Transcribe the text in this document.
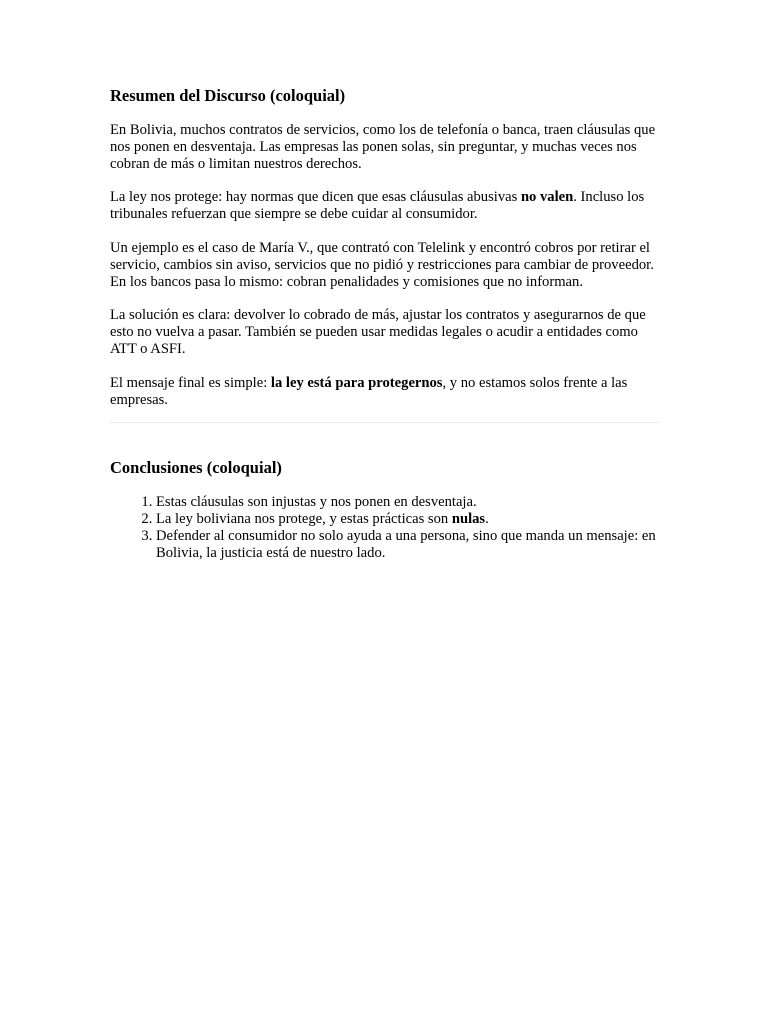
Resumen del Discurso (coloquial)

En Bolivia, muchos contratos de servicios, como los de telefonía o banca, traen cláusulas que nos ponen en desventaja. Las empresas las ponen solas, sin preguntar, y muchas veces nos cobran de más o limitan nuestros derechos.

La ley nos protege: hay normas que dicen que esas cláusulas abusivas no valen. Incluso los tribunales refuerzan que siempre se debe cuidar al consumidor.

Un ejemplo es el caso de María V., que contrató con Telelink y encontró cobros por retirar el servicio, cambios sin aviso, servicios que no pidió y restricciones para cambiar de proveedor. En los bancos pasa lo mismo: cobran penalidades y comisiones que no informan.

La solución es clara: devolver lo cobrado de más, ajustar los contratos y asegurarnos de que esto no vuelva a pasar. También se pueden usar medidas legales o acudir a entidades como ATT o ASFI.

El mensaje final es simple: la ley está para protegernos, y no estamos solos frente a las empresas.

Conclusiones (coloquial)
1. Estas cláusulas son injustas y nos ponen en desventaja.
2. La ley boliviana nos protege, y estas prácticas son nulas.
3. Defender al consumidor no solo ayuda a una persona, sino que manda un mensaje: en Bolivia, la justicia está de nuestro lado.
